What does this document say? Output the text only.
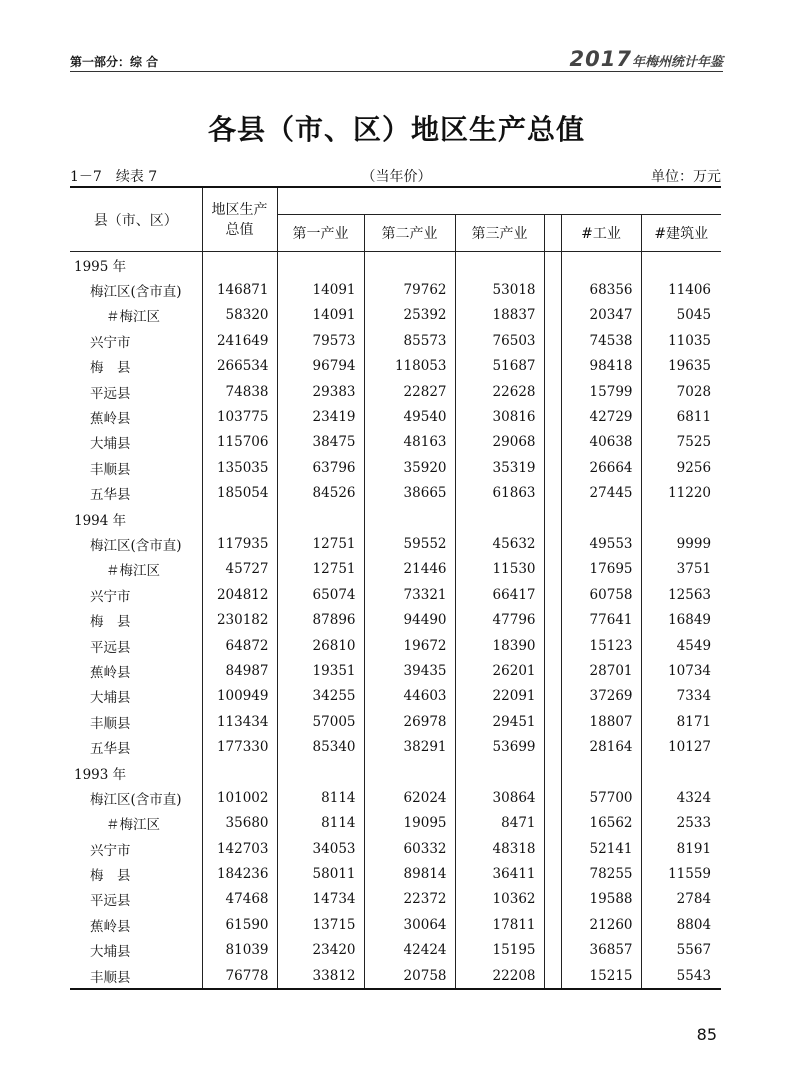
第一部分：综 合	2017年梅州统计年鉴
各县（市、区）地区生产总值
（当年价）
1－7　续表 7	单位：万元
县（市、区）	地区生产
总值						
		第一产业	第二产业	第三产业		#工业	#建筑业
1995 年							
梅江区(含市直)	146871	14091	79762	53018		68356	11406
＃梅江区	58320	14091	25392	18837		20347	5045
兴宁市	241649	79573	85573	76503		74538	11035
梅　县	266534	96794	118053	51687		98418	19635
平远县	74838	29383	22827	22628		15799	7028
蕉岭县	103775	23419	49540	30816		42729	6811
大埔县	115706	38475	48163	29068		40638	7525
丰顺县	135035	63796	35920	35319		26664	9256
五华县	185054	84526	38665	61863		27445	11220
1994 年							
梅江区(含市直)	117935	12751	59552	45632		49553	9999
＃梅江区	45727	12751	21446	11530		17695	3751
兴宁市	204812	65074	73321	66417		60758	12563
梅　县	230182	87896	94490	47796		77641	16849
平远县	64872	26810	19672	18390		15123	4549
蕉岭县	84987	19351	39435	26201		28701	10734
大埔县	100949	34255	44603	22091		37269	7334
丰顺县	113434	57005	26978	29451		18807	8171
五华县	177330	85340	38291	53699		28164	10127
1993 年							
梅江区(含市直)	101002	8114	62024	30864		57700	4324
＃梅江区	35680	8114	19095	8471		16562	2533
兴宁市	142703	34053	60332	48318		52141	8191
梅　县	184236	58011	89814	36411		78255	11559
平远县	47468	14734	22372	10362		19588	2784
蕉岭县	61590	13715	30064	17811		21260	8804
大埔县	81039	23420	42424	15195		36857	5567
丰顺县	76778	33812	20758	22208		15215	5543
85
